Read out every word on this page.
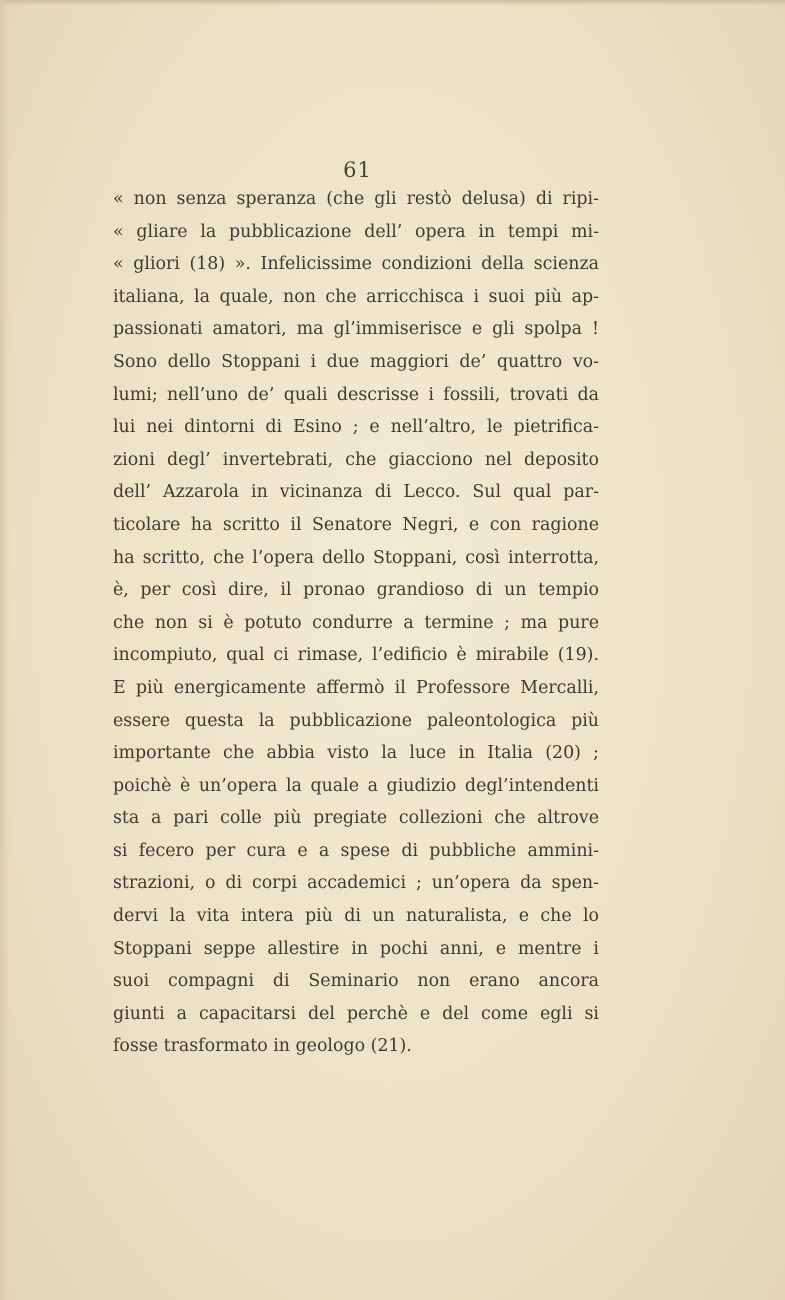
61
« non senza speranza (che gli restò delusa) di ripi-
« gliare la pubblicazione dell’ opera in tempi mi-
« gliori (18) ». Infelicissime condizioni della scienza
italiana, la quale, non che arricchisca i suoi più ap-
passionati amatori, ma gl’immiserisce e gli spolpa !
Sono dello Stoppani i due maggiori de’ quattro vo-
lumi; nell’uno de’ quali descrisse i fossili, trovati da
lui nei dintorni di Esino ; e nell’altro, le pietrifica-
zioni degl’ invertebrati, che giacciono nel deposito
dell’ Azzarola in vicinanza di Lecco. Sul qual par-
ticolare ha scritto il Senatore Negri, e con ragione
ha scritto, che l’opera dello Stoppani, così interrotta,
è, per così dire, il pronao grandioso di un tempio
che non si è potuto condurre a termine ; ma pure
incompiuto, qual ci rimase, l’edificio è mirabile (19).
E più energicamente affermò il Professore Mercalli,
essere questa la pubblicazione paleontologica più
importante che abbia visto la luce in Italia (20) ;
poichè è un’opera la quale a giudizio degl’intendenti
sta a pari colle più pregiate collezioni che altrove
si fecero per cura e a spese di pubbliche ammini-
strazioni, o di corpi accademici ; un’opera da spen-
dervi la vita intera più di un naturalista, e che lo
Stoppani seppe allestire in pochi anni, e mentre i
suoi compagni di Seminario non erano ancora
giunti a capacitarsi del perchè e del come egli si
fosse trasformato in geologo (21).
